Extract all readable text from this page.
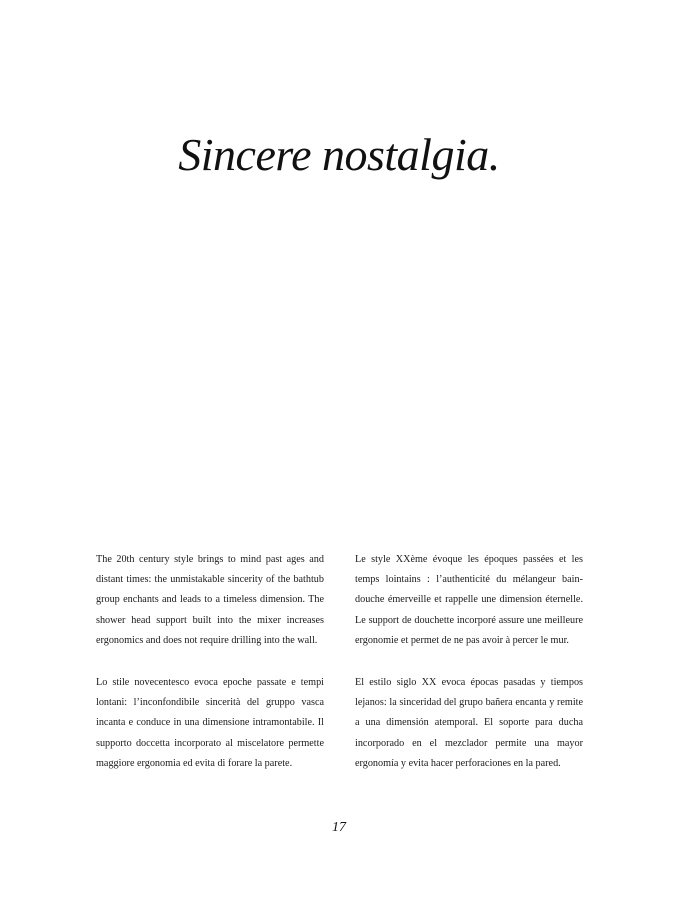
Sincere nostalgia.

The 20th century style brings to mind past ages and distant times: the unmistakable sincerity of the bathtub group enchants and leads to a timeless dimension. The shower head support built into the mixer increases ergonomics and does not require drilling into the wall.

Lo stile novecentesco evoca epoche passate e tempi lontani: l’inconfondibile sincerità del gruppo vasca incanta e conduce in una dimensione intramontabile. Il supporto doccetta incorporato al miscelatore permette maggiore ergonomia ed evita di forare la parete.

Le style XXème évoque les époques passées et les temps lointains : l’authenticité du mélangeur bain-douche émerveille et rappelle une dimension éternelle. Le support de douchette incorporé assure une meilleure ergonomie et permet de ne pas avoir à percer le mur.

El estilo siglo XX evoca épocas pasadas y tiempos lejanos: la sinceridad del grupo bañera encanta y remite a una dimensión atemporal. El soporte para ducha incorporado en el mezclador permite una mayor ergonomía y evita hacer perforaciones en la pared.

17
